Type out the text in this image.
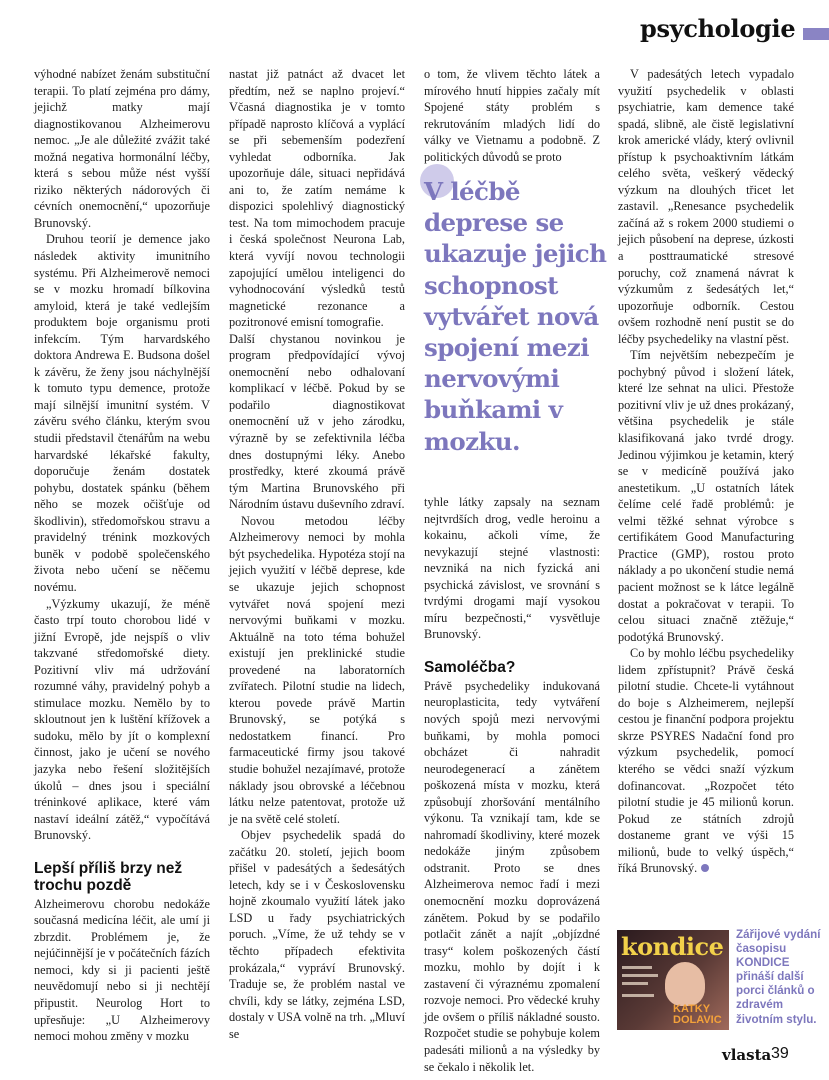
psychologie

výhodné nabízet ženám substituční terapii. To platí zejména pro dámy, jejichž matky mají diagnostikovanou Alzheimerovu nemoc. „Je ale důležité zvážit také možná negativa hormonální léčby, která s sebou může nést vyšší riziko některých nádorových či cévních onemocnění,“ upozorňuje Brunovský.

Druhou teorií je demence jako následek aktivity imunitního systému. Při Alzheimerově nemoci se v mozku hromadí bílkovina amyloid, která je také vedlejším produktem boje organismu proti infekcím. Tým harvardského doktora Andrewa E. Budsona došel k závěru, že ženy jsou náchylnější k tomuto typu demence, protože mají silnější imunitní systém. V závěru svého článku, kterým svou studii představil čtenářům na webu harvardské lékařské fakulty, doporučuje ženám dostatek pohybu, dostatek spánku (během něho se mozek očišťuje od škodlivin), středomořskou stravu a pravidelný trénink mozkových buněk v podobě společenského života nebo učení se něčemu novému.

„Výzkumy ukazují, že méně často trpí touto chorobou lidé v jižní Evropě, jde nejspíš o vliv takzvané středomořské diety. Pozitivní vliv má udržování rozumné váhy, pravidelný pohyb a stimulace mozku. Nemělo by to skloutnout jen k luštění křížovek a sudoku, mělo by jít o komplexní činnost, jako je učení se nového jazyka nebo řešení složitějších úkolů – dnes jsou i speciální tréninkové aplikace, které vám nastaví ideální zátěž,“ vypočítává Brunovský.

Lepší příliš brzy než trochu pozdě

Alzheimerovu chorobu nedokáže současná medicína léčit, ale umí ji zbrzdit. Problémem je, že nejúčinnější je v počátečních fázích nemoci, kdy si ji pacienti ještě neuvědomují nebo si ji nechtějí připustit. Neurolog Hort to upřesňuje: „U Alzheimerovy nemoci mohou změny v mozku

nastat již patnáct až dvacet let předtím, než se naplno projeví.“ Včasná diagnostika je v tomto případě naprosto klíčová a vyplácí se při sebemenším podezření vyhledat odborníka. Jak upozorňuje dále, situaci nepřidává ani to, že zatím nemáme k dispozici spolehlivý diagnostický test. Na tom mimochodem pracuje i česká společnost Neurona Lab, která vyvíjí novou technologii zapojující umělou inteligenci do vyhodnocování výsledků testů magnetické rezonance a pozitronové emisní tomografie.

Další chystanou novinkou je program předpovídající vývoj onemocnění nebo odhalovaní komplikací v léčbě. Pokud by se podařilo diagnostikovat onemocnění už v jeho zárodku, výrazně by se zefektivnila léčba dnes dostupnými léky. Anebo prostředky, které zkoumá právě tým Martina Brunovského při Národním ústavu duševního zdraví.

Novou metodou léčby Alzheimerovy nemoci by mohla být psychedelika. Hypotéza stojí na jejich využití v léčbě deprese, kde se ukazuje jejich schopnost vytvářet nová spojení mezi nervovými buňkami v mozku. Aktuálně na toto téma bohužel existují jen preklinické studie provedené na laboratorních zvířatech. Pilotní studie na lidech, kterou povede právě Martin Brunovský, se potýká s nedostatkem financí. Pro farmaceutické firmy jsou takové studie bohužel nezajímavé, protože náklady jsou obrovské a léčebnou látku nelze patentovat, protože už je na světě celé století.

Objev psychedelik spadá do začátku 20. století, jejich boom přišel v padesátých a šedesátých letech, kdy se i v Československu hojně zkoumalo využití látek jako LSD u řady psychiatrických poruch. „Víme, že už tehdy se v těchto případech efektivita prokázala,“ vypráví Brunovský. Traduje se, že problém nastal ve chvíli, kdy se látky, zejména LSD, dostaly v USA volně na trh. „Mluví se

o tom, že vlivem těchto látek a mírového hnutí hippies začaly mít Spojené státy problém s rekrutováním mladých lidí do války ve Vietnamu a podobně. Z politických důvodů se proto

V léčbě deprese se ukazuje jejich schopnost vytvářet nová spojení mezi nervovými buňkami v mozku.

tyhle látky zapsaly na seznam nejtvrdších drog, vedle heroinu a kokainu, ačkoli víme, že nevykazují stejné vlastnosti: nevzniká na nich fyzická ani psychická závislost, ve srovnání s tvrdými drogami mají vysokou míru bezpečnosti,“ vysvětluje Brunovský.

Samoléčba?

Právě psychedeliky indukovaná neuroplasticita, tedy vytváření nových spojů mezi nervovými buňkami, by mohla pomoci obcházet či nahradit neurodegenerací a zánětem poškozená místa v mozku, která způsobují zhoršování mentálního výkonu. Ta vznikají tam, kde se nahromadí škodliviny, které mozek nedokáže jiným způsobem odstranit. Proto se dnes Alzheimerova nemoc řadí i mezi onemocnění mozku doprovázená zánětem. Pokud by se podařilo potlačit zánět a najít „objízdné trasy“ kolem poškozených částí mozku, mohlo by dojít i k zastavení či výraznému zpomalení rozvoje nemoci. Pro vědecké kruhy jde ovšem o příliš nákladné sousto. Rozpočet studie se pohybuje kolem padesáti milionů a na výsledky by se čekalo i několik let.

V padesátých letech vypadalo využití psychedelik v oblasti psychiatrie, kam demence také spadá, slibně, ale čistě legislativní krok americké vlády, který ovlivnil přístup k psychoaktivním látkám celého světa, veškerý vědecký výzkum na dlouhých třicet let zastavil. „Renesance psychedelik začíná až s rokem 2000 studiemi o jejich působení na deprese, úzkosti a posttraumatické stresové poruchy, což znamená návrat k výzkumům z šedesátých let,“ upozorňuje odborník. Cestou ovšem rozhodně není pustit se do léčby psychedeliky na vlastní pěst.

Tím největším nebezpečím je pochybný původ i složení látek, které lze sehnat na ulici. Přestože pozitivní vliv je už dnes prokázaný, většina psychedelik je stále klasifikovaná jako tvrdé drogy. Jedinou výjimkou je ketamin, který se v medicíně používá jako anestetikum. „U ostatních látek čelíme celé řadě problémů: je velmi těžké sehnat výrobce s certifikátem Good Manufacturing Practice (GMP), rostou proto náklady a po ukončení studie nemá pacient možnost se k látce legálně dostat a pokračovat v terapii. To celou situaci značně ztěžuje,“ podotýká Brunovský.

Co by mohlo léčbu psychedeliky lidem zpřístupnit? Právě česká pilotní studie. Chcete-li vytáhnout do boje s Alzheimerem, nejlepší cestou je finanční podpora projektu skrze PSYRES Nadační fond pro výzkum psychedelik, pomocí kterého se vědci snaží výzkum dofinancovat. „Rozpočet této pilotní studie je 45 milionů korun. Pokud ze státních zdrojů dostaneme grant ve výši 15 milionů, bude to velký úspěch,“ říká Brunovský.

kondice
KATKY DOLAVIC
Zářijové vydání časopisu KONDICE přináší další porci článků o zdravém životním stylu.
vlasta 39
